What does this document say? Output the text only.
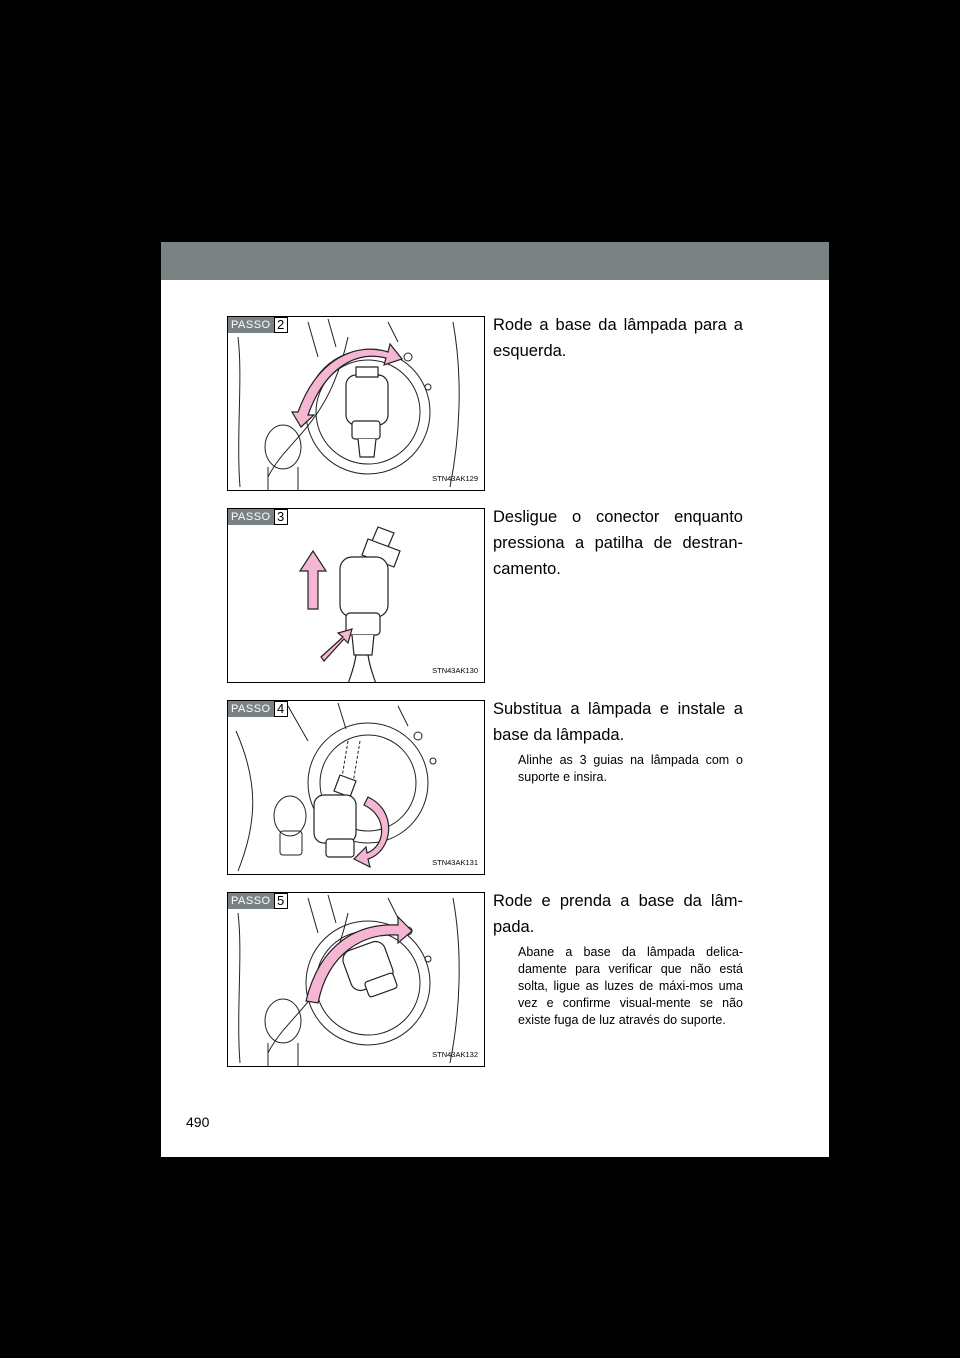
PASSO 2
STN43AK129
Rode a base da lâmpada para a esquerda.
PASSO 3
STN43AK130
Desligue o conector enquanto pressiona a patilha de destran-camento.
PASSO 4
STN43AK131
Substitua a lâmpada e instale a base da lâmpada.
Alinhe as 3 guias na lâmpada com o suporte e insira.
PASSO 5
STN43AK132
Rode e prenda a base da lâm-pada.
Abane a base da lâmpada delica-damente para verificar que não está solta, ligue as luzes de máxi-mos uma vez e confirme visual-mente se não existe fuga de luz através do suporte.
490
